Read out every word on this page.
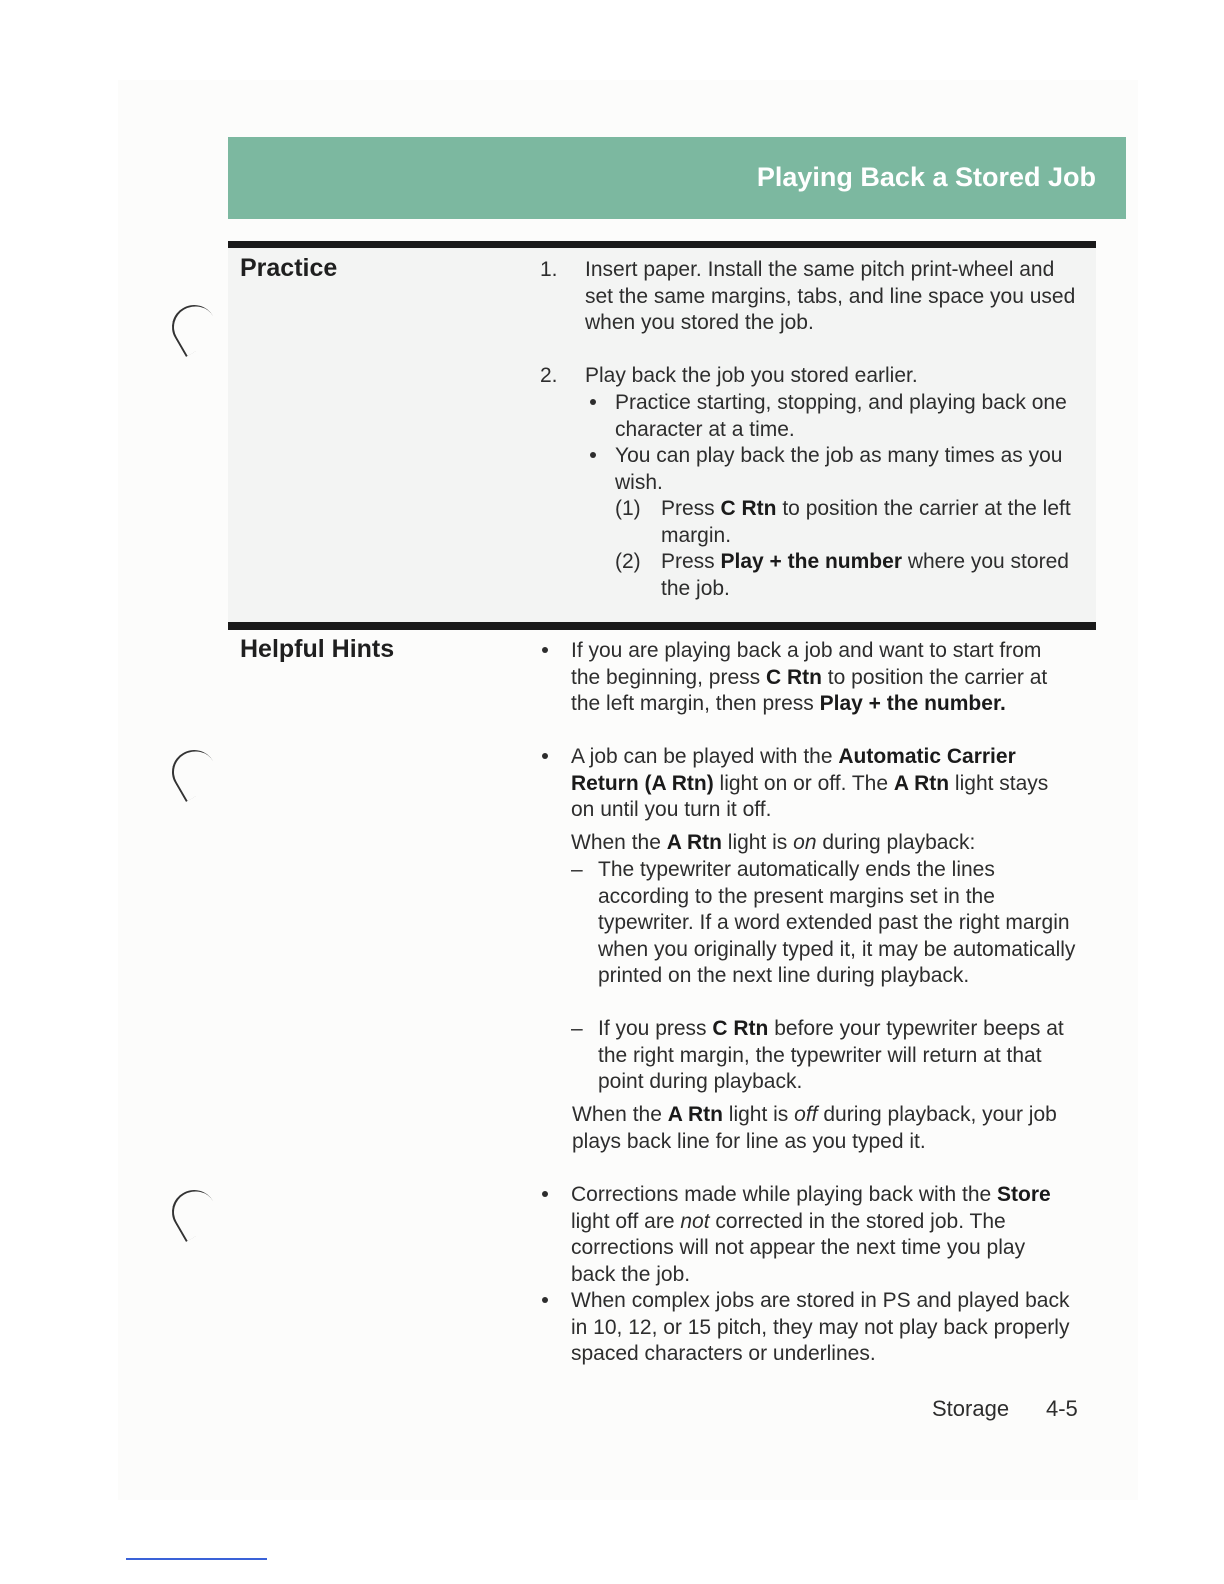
Playing Back a Stored Job
Practice	1. Insert paper. Install the same pitch print-wheel and set the same margins, tabs, and line space you used when you stored the job.
2. Play back the job you stored earlier.
Practice starting, stopping, and playing back one character at a time.
You can play back the job as many times as you wish.
(1) Press C Rtn to position the carrier at the left margin.
(2) Press Play + the number where you stored the job.
Helpful Hints	If you are playing back a job and want to start from the beginning, press C Rtn to position the carrier at the left margin, then press Play + the number.
A job can be played with the Automatic Carrier Return (A Rtn) light on or off. The A Rtn light stays on until you turn it off.
When the A Rtn light is on during playback:
– The typewriter automatically ends the lines according to the present margins set in the typewriter. If a word extended past the right margin when you originally typed it, it may be automatically printed on the next line during playback.
– If you press C Rtn before your typewriter beeps at the right margin, the typewriter will return at that point during playback.
When the A Rtn light is off during playback, your job plays back line for line as you typed it.
Corrections made while playing back with the Store light off are not corrected in the stored job. The corrections will not appear the next time you play back the job.
When complex jobs are stored in PS and played back in 10, 12, or 15 pitch, they may not play back properly spaced characters or underlines.
Storage 4-5
